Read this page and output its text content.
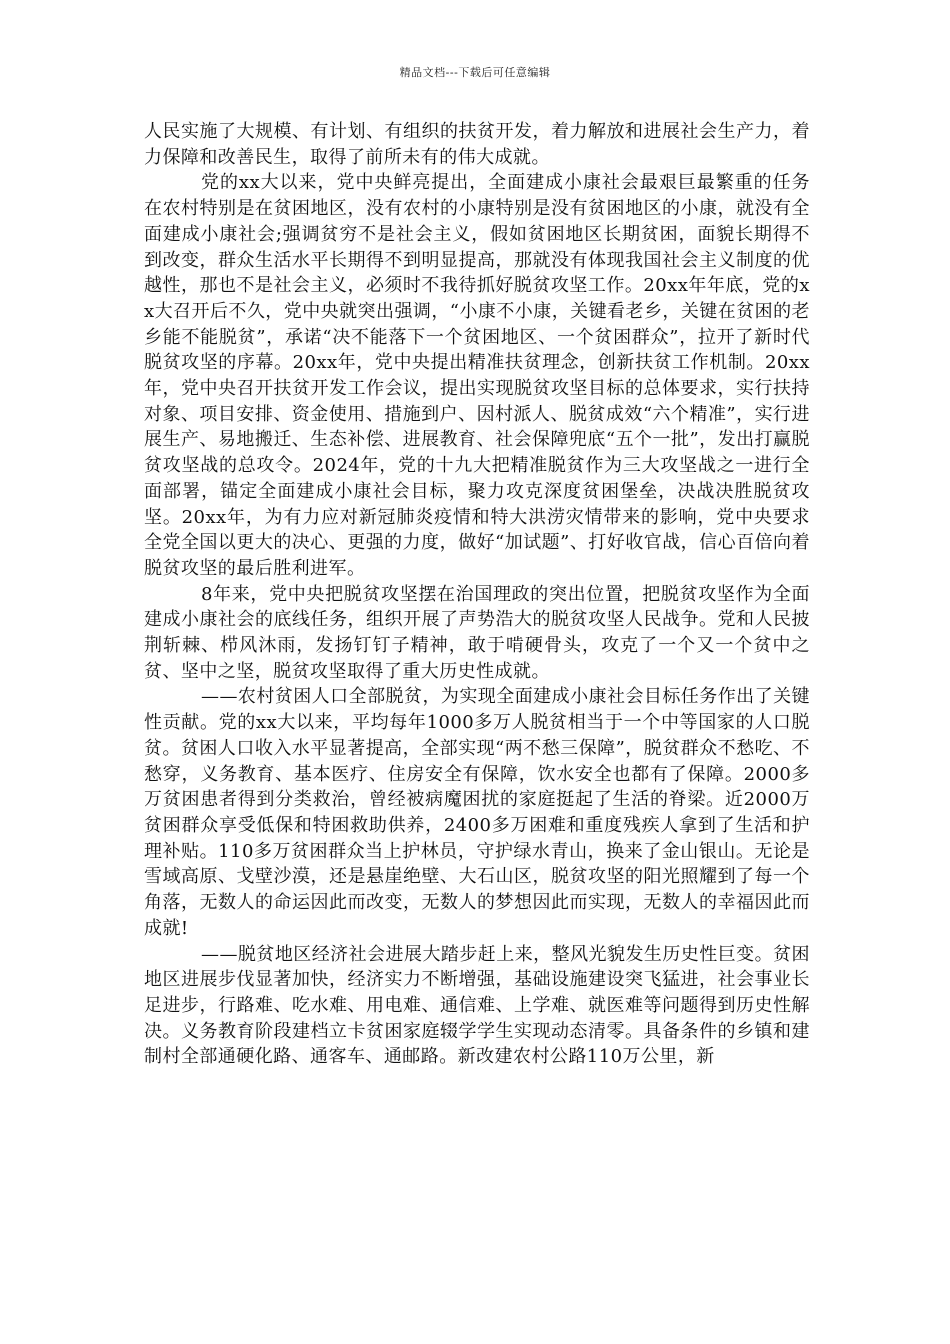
精品文档---下载后可任意编辑

人民实施了大规模、有计划、有组织的扶贫开发，着力解放和进展社会生产力，着力保障和改善民生，取得了前所未有的伟大成就。

党的xx大以来，党中央鲜亮提出，全面建成小康社会最艰巨最繁重的任务在农村特别是在贫困地区，没有农村的小康特别是没有贫困地区的小康，就没有全面建成小康社会;强调贫穷不是社会主义，假如贫困地区长期贫困，面貌长期得不到改变，群众生活水平长期得不到明显提高，那就没有体现我国社会主义制度的优越性，那也不是社会主义，必须时不我待抓好脱贫攻坚工作。20xx年年底，党的xx大召开后不久，党中央就突出强调，“小康不小康，关键看老乡，关键在贫困的老乡能不能脱贫”，承诺“决不能落下一个贫困地区、一个贫困群众”，拉开了新时代脱贫攻坚的序幕。20xx年，党中央提出精准扶贫理念，创新扶贫工作机制。20xx年，党中央召开扶贫开发工作会议，提出实现脱贫攻坚目标的总体要求，实行扶持对象、项目安排、资金使用、措施到户、因村派人、脱贫成效“六个精准”，实行进展生产、易地搬迁、生态补偿、进展教育、社会保障兜底“五个一批”，发出打赢脱贫攻坚战的总攻令。2024年，党的十九大把精准脱贫作为三大攻坚战之一进行全面部署，锚定全面建成小康社会目标，聚力攻克深度贫困堡垒，决战决胜脱贫攻坚。20xx年，为有力应对新冠肺炎疫情和特大洪涝灾情带来的影响，党中央要求全党全国以更大的决心、更强的力度，做好“加试题”、打好收官战，信心百倍向着脱贫攻坚的最后胜利进军。

8年来，党中央把脱贫攻坚摆在治国理政的突出位置，把脱贫攻坚作为全面建成小康社会的底线任务，组织开展了声势浩大的脱贫攻坚人民战争。党和人民披荆斩棘、栉风沐雨，发扬钉钉子精神，敢于啃硬骨头，攻克了一个又一个贫中之贫、坚中之坚，脱贫攻坚取得了重大历史性成就。

——农村贫困人口全部脱贫，为实现全面建成小康社会目标任务作出了关键性贡献。党的xx大以来，平均每年1000多万人脱贫相当于一个中等国家的人口脱贫。贫困人口收入水平显著提高，全部实现“两不愁三保障”，脱贫群众不愁吃、不愁穿，义务教育、基本医疗、住房安全有保障，饮水安全也都有了保障。2000多万贫困患者得到分类救治，曾经被病魔困扰的家庭挺起了生活的脊梁。近2000万贫困群众享受低保和特困救助供养，2400多万困难和重度残疾人拿到了生活和护理补贴。110多万贫困群众当上护林员，守护绿水青山，换来了金山银山。无论是雪域高原、戈壁沙漠，还是悬崖绝壁、大石山区，脱贫攻坚的阳光照耀到了每一个角落，无数人的命运因此而改变，无数人的梦想因此而实现，无数人的幸福因此而成就!

——脱贫地区经济社会进展大踏步赶上来，整风光貌发生历史性巨变。贫困地区进展步伐显著加快，经济实力不断增强，基础设施建设突飞猛进，社会事业长足进步，行路难、吃水难、用电难、通信难、上学难、就医难等问题得到历史性解决。义务教育阶段建档立卡贫困家庭辍学学生实现动态清零。具备条件的乡镇和建制村全部通硬化路、通客车、通邮路。新改建农村公路110万公里，新
